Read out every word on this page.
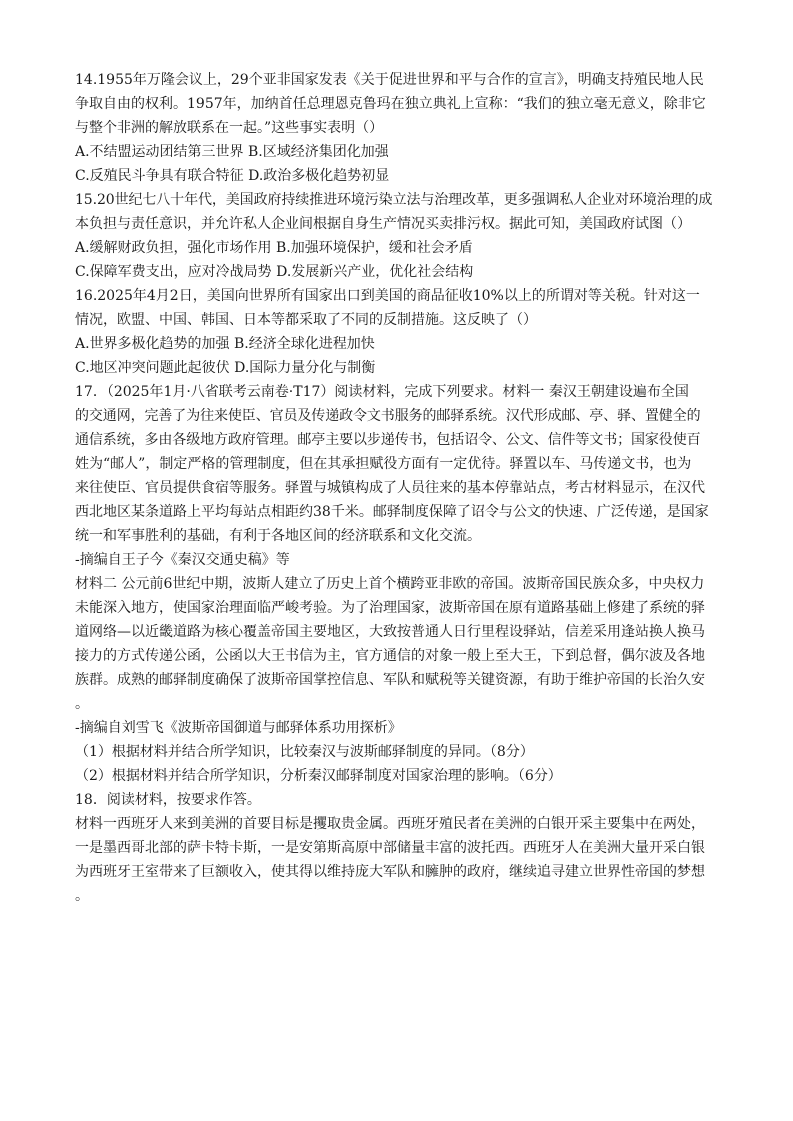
14.1955年万隆会议上，29个亚非国家发表《关于促进世界和平与合作的宣言》，明确支持殖民地人民
争取自由的权利。1957年，加纳首任总理恩克鲁玛在独立典礼上宣称：“我们的独立毫无意义，除非它
与整个非洲的解放联系在一起。”这些事实表明（）
A.不结盟运动团结第三世界 B.区域经济集团化加强
C.反殖民斗争具有联合特征 D.政治多极化趋势初显
15.20世纪七八十年代，美国政府持续推进环境污染立法与治理改革，更多强调私人企业对环境治理的成
本负担与责任意识，并允许私人企业间根据自身生产情况买卖排污权。据此可知，美国政府试图（）
A.缓解财政负担，强化市场作用 B.加强环境保护，缓和社会矛盾
C.保障军费支出，应对冷战局势 D.发展新兴产业，优化社会结构
16.2025年4月2日，美国向世界所有国家出口到美国的商品征收10%以上的所谓对等关税。针对这一
情况，欧盟、中国、韩国、日本等都采取了不同的反制措施。这反映了（）
A.世界多极化趋势的加强 B.经济全球化进程加快
C.地区冲突问题此起彼伏 D.国际力量分化与制衡
17．（2025年1月·八省联考云南卷·T17）阅读材料，完成下列要求。材料一 秦汉王朝建设遍布全国
的交通网，完善了为往来使臣、官员及传递政令文书服务的邮驿系统。汉代形成邮、亭、驿、置健全的
通信系统，多由各级地方政府管理。邮亭主要以步递传书，包括诏令、公文、信件等文书；国家役使百
姓为“邮人”，制定严格的管理制度，但在其承担赋役方面有一定优待。驿置以车、马传递文书，也为
来往使臣、官员提供食宿等服务。驿置与城镇构成了人员往来的基本停靠站点，考古材料显示，在汉代
西北地区某条道路上平均每站点相距约38千米。邮驿制度保障了诏令与公文的快速、广泛传递，是国家
统一和军事胜利的基础，有利于各地区间的经济联系和文化交流。
-摘编自王子今《秦汉交通史稿》等
材料二 公元前6世纪中期，波斯人建立了历史上首个横跨亚非欧的帝国。波斯帝国民族众多，中央权力
未能深入地方，使国家治理面临严峻考验。为了治理国家，波斯帝国在原有道路基础上修建了系统的驿
道网络—以近畿道路为核心覆盖帝国主要地区，大致按普通人日行里程设驿站，信差采用逢站换人换马
接力的方式传递公函，公函以大王书信为主，官方通信的对象一般上至大王，下到总督，偶尔波及各地
族群。成熟的邮驿制度确保了波斯帝国掌控信息、军队和赋税等关键资源，有助于维护帝国的长治久安
。
-摘编自刘雪飞《波斯帝国御道与邮驿体系功用探析》
（1）根据材料并结合所学知识，比较秦汉与波斯邮驿制度的异同。（8分）
（2）根据材料并结合所学知识，分析秦汉邮驿制度对国家治理的影响。（6分）
18．阅读材料，按要求作答。
材料一西班牙人来到美洲的首要目标是攫取贵金属。西班牙殖民者在美洲的白银开采主要集中在两处，
一是墨西哥北部的萨卡特卡斯，一是安第斯高原中部储量丰富的波托西。西班牙人在美洲大量开采白银
为西班牙王室带来了巨额收入，使其得以维持庞大军队和臃肿的政府，继续追寻建立世界性帝国的梦想
。
